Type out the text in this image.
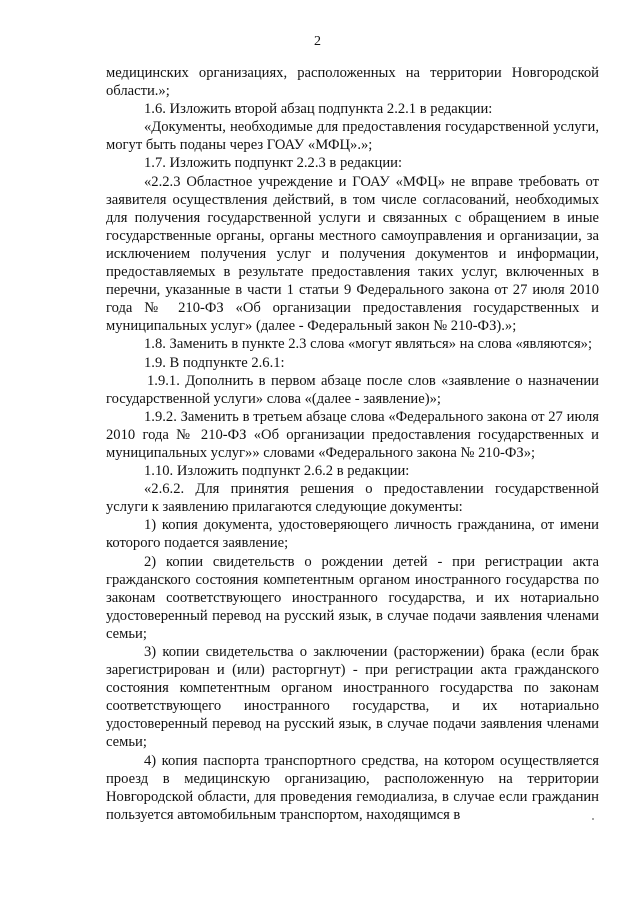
2

медицинских организациях, расположенных на территории Новгородской области.»;

1.6. Изложить второй абзац подпункта 2.2.1 в редакции:

«Документы, необходимые для предоставления государственной услуги, могут быть поданы через ГОАУ «МФЦ».»;

1.7. Изложить подпункт 2.2.3 в редакции:

«2.2.3 Областное учреждение и ГОАУ «МФЦ» не вправе требовать от заявителя осуществления действий, в том числе согласований, необходимых для получения государственной услуги и связанных с обращением в иные государственные органы, органы местного самоуправления и организации, за исключением получения услуг и получения документов и информации, предоставляемых в результате предоставления таких услуг, включенных в перечни, указанные в части 1 статьи 9 Федерального закона от 27 июля 2010 года № 210-ФЗ «Об организации предоставления государственных и муниципальных услуг» (далее - Федеральный закон № 210-ФЗ).»;

1.8. Заменить в пункте 2.3 слова «могут являться» на слова «являются»;

1.9. В подпункте 2.6.1:

1.9.1. Дополнить в первом абзаце после слов «заявление о назначении государственной услуги» слова «(далее - заявление)»;

1.9.2. Заменить в третьем абзаце слова «Федерального закона от 27 июля 2010 года № 210-ФЗ «Об организации предоставления государственных и муниципальных услуг»» словами «Федерального закона № 210-ФЗ»;

1.10. Изложить подпункт 2.6.2 в редакции:

«2.6.2. Для принятия решения о предоставлении государственной услуги к заявлению прилагаются следующие документы:

1) копия документа, удостоверяющего личность гражданина, от имени которого подается заявление;

2) копии свидетельств о рождении детей - при регистрации акта гражданского состояния компетентным органом иностранного государства по законам соответствующего иностранного государства, и их нотариально удостоверенный перевод на русский язык, в случае подачи заявления членами семьи;

3) копии свидетельства о заключении (расторжении) брака (если брак зарегистрирован и (или) расторгнут) - при регистрации акта гражданского состояния компетентным органом иностранного государства по законам соответствующего иностранного государства, и их нотариально удостоверенный перевод на русский язык, в случае подачи заявления членами семьи;

4) копия паспорта транспортного средства, на котором осуществляется проезд в медицинскую организацию, расположенную на территории Новгородской области, для проведения гемодиализа, в случае если гражданин пользуется автомобильным транспортом, находящимся в
